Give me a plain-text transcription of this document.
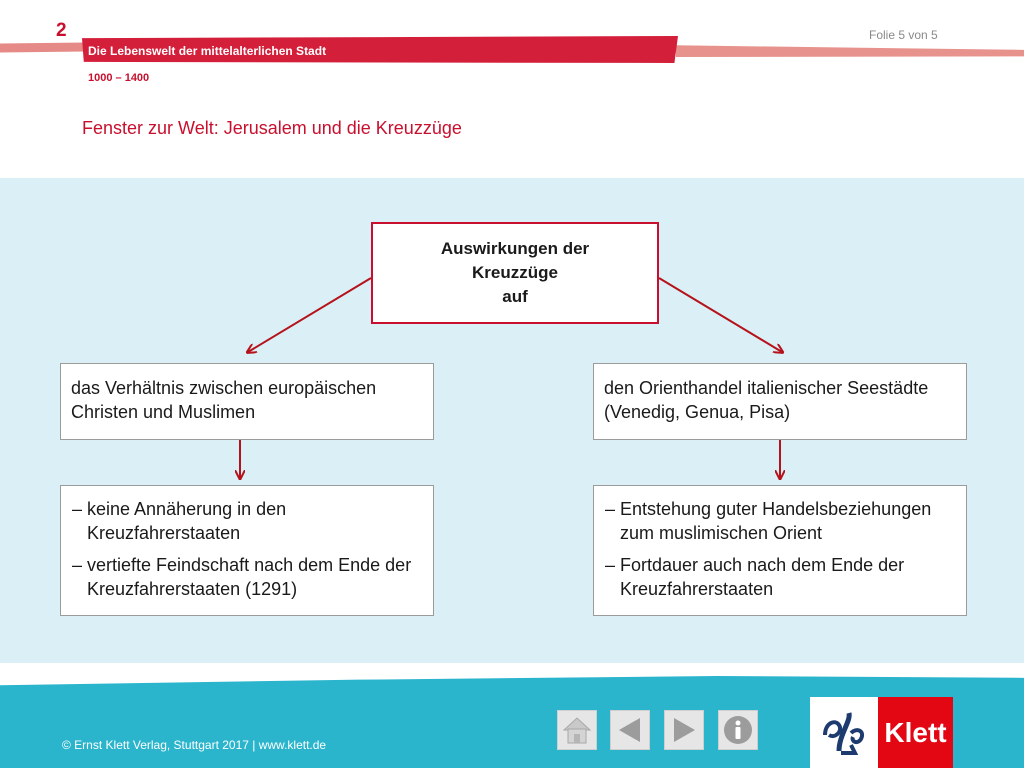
2	Folie 5 von 5
Die Lebenswelt der mittelalterlichen Stadt
1000 – 1400
Fenster zur Welt: Jerusalem und die Kreuzzüge
Auswirkungen der
Kreuzzüge
auf
das Verhältnis zwischen europäischen Christen und Muslimen
– keine Annäherung in den Kreuzfahrerstaaten
– vertiefte Feindschaft nach dem Ende der Kreuzfahrerstaaten (1291)
den Orienthandel italienischer Seestädte (Venedig, Genua, Pisa)
– Entstehung guter Handelsbeziehungen zum muslimischen Orient
– Fortdauer auch nach dem Ende der Kreuzfahrerstaaten
© Ernst Klett Verlag, Stuttgart 2017 | www.klett.de	Klett
